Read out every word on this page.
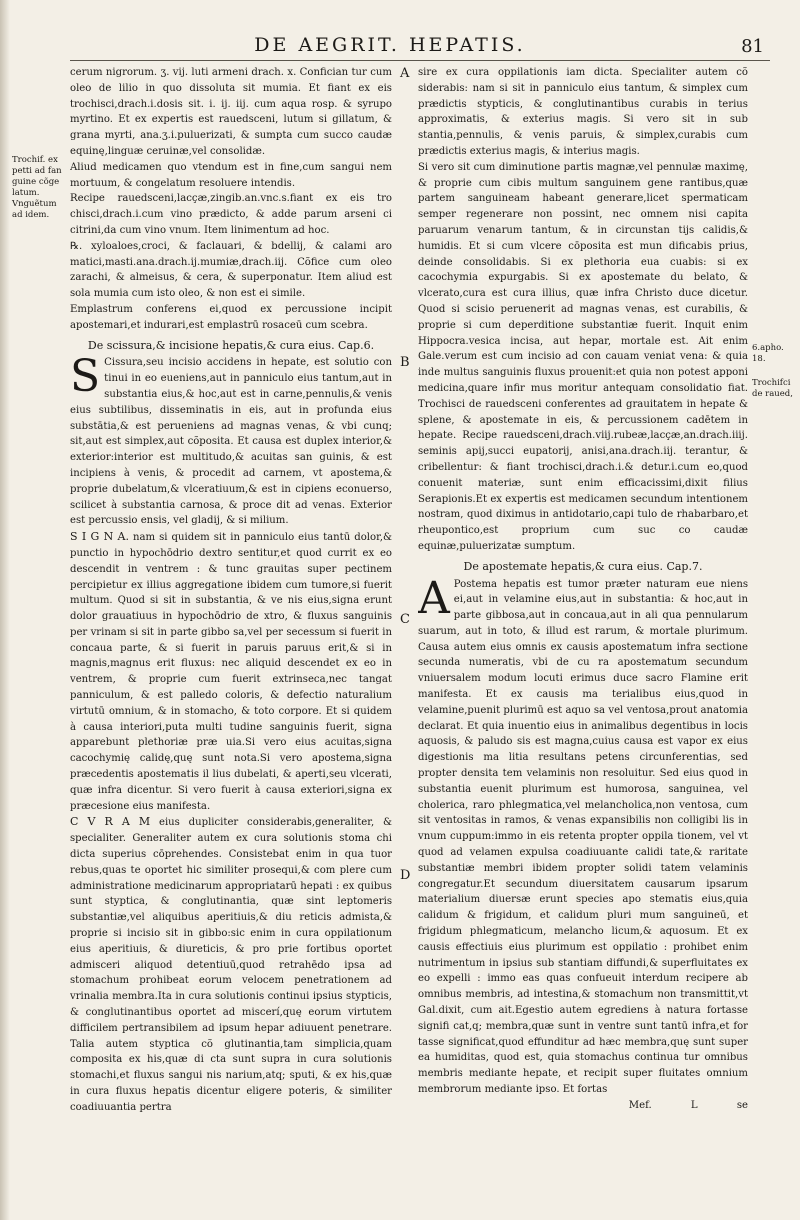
DE AEGRIT. HEPATIS.	81
Trochif. ex petti ad fan guine cõge latum. Vnguẽtum ad idem.
A
B
C
D
6.apho. 18.
Trochifci de raued,

cerum nigrorum. ʒ. vij. luti armeni drach. x. Confician tur cum oleo de lilio in quo dissoluta sit mumia. Et fiant ex eis trochisci,drach.i.dosis sit. i. ij. iij. cum aqua rosp. & syrupo myrtino. Et ex expertis est rauedsceni, lutum si gillatum, & grana myrti, ana.ʒ.i.puluerizati, & sumpta cum succo caudæ equinę,linguæ ceruinæ,vel consolidæ.

Aliud medicamen quo vtendum est in fine,cum sangui nem mortuum, & congelatum resoluere intendis.

Recipe rauedsceni,lacçæ,zingib.an.vnc.s.fiant ex eis tro chisci,drach.i.cum vino prædicto, & adde parum arseni ci citrini,da cum vino vnum. Item linimentum ad hoc.

℞. xyloaloes,croci, & faclauari, & bdellij, & calami aro matici,masti.ana.drach.ij.mumiæ,drach.iij. Cõfice cum oleo zarachi, & almeisus, & cera, & superponatur. Item aliud est sola mumia cum isto oleo, & non est ei simile.

Emplastrum conferens ei,quod ex percussione incipit apostemari,et indurari,est emplastrū rosaceū cum scebra.

De scissura,& incisione hepatis,& cura eius. Cap.6.

S Cissura,seu incisio accidens in hepate, est solutio con tinui in eo eueniens,aut in panniculo eius tantum,aut in substantia eius,& hoc,aut est in carne,pennulis,& venis eius subtilibus, disseminatis in eis, aut in profunda eius substātia,& est perueniens ad magnas venas, & vbi cunq; sit,aut est simplex,aut cõposita. Et causa est duplex interior,& exterior:interior est multitudo,& acuitas san guinis, & est incipiens à venis, & procedit ad carnem, vt apostema,& proprie dubelatum,& vlceratiuum,& est in cipiens econuerso, scilicet à substantia carnosa, & proce dit ad venas. Exterior est percussio ensis, vel gladij, & si milium.

S I G N A. nam si quidem sit in panniculo eius tantū dolor,& punctio in hypochōdrio dextro sentitur,et quod currit ex eo descendit in ventrem : & tunc grauitas super pectinem percipietur ex illius aggregatione ibidem cum tumore,si fuerit multum. Quod si sit in substantia, & ve nis eius,signa erunt dolor grauatiuus in hypochōdrio de xtro, & fluxus sanguinis per vrinam si sit in parte gibbo sa,vel per secessum si fuerit in concaua parte, & si fuerit in paruis paruus erit,& si in magnis,magnus erit fluxus: nec aliquid descendet ex eo in ventrem, & proprie cum fuerit extrinseca,nec tangat panniculum, & est palledo coloris, & defectio naturalium virtutū omnium, & in stomacho, & toto corpore. Et si quidem à causa interiori,puta multi tudine sanguinis fuerit, signa apparebunt plethoriæ præ uia.Si vero eius acuitas,signa cacochymię calidę,quę sunt nota.Si vero apostema,signa præcedentis apostematis il lius dubelati, & aperti,seu vlcerati, quæ infra dicentur. Si vero fuerit à causa exteriori,signa ex præcesione eius manifesta.

C V R A M eius dupliciter considerabis,generaliter, & specialiter. Generaliter autem ex cura solutionis stoma chi dicta superius cōprehendes. Consistebat enim in qua tuor rebus,quas te oportet hic similiter prosequi,& com plere cum administratione medicinarum appropriatarū hepati : ex quibus sunt styptica, & conglutinantia, quæ sint leptomeris substantiæ,vel aliquibus aperitiuis,& diu reticis admista,& proprie si incisio sit in gibbo:sic enim in cura oppilationum eius aperitiuis, & diureticis, & pro prie fortibus oportet admisceri aliquod detentiuū,quod retrahēdo ipsa ad stomachum prohibeat eorum velocem penetrationem ad vrinalia membra.Ita in cura solutionis continui ipsius stypticis, & conglutinantibus oportet ad miscerí,quę eorum virtutem difficilem pertransibilem ad ipsum hepar adiuuent penetrare. Talia autem styptica cõ glutinantia,tam simplicia,quam composita ex his,quæ di cta sunt supra in cura solutionis stomachi,et fluxus sangui nis narium,atq; sputi, & ex his,quæ in cura fluxus hepatis dicentur eligere poteris, & similiter coadiuuantia pertra

sire ex cura oppilationis iam dicta. Specialiter autem cõ siderabis: nam si sit in panniculo eius tantum, & simplex cum prædictis stypticis, & conglutinantibus curabis in terius approximatis, & exterius magis. Si vero sit in sub stantia,pennulis, & venis paruis, & simplex,curabis cum prædictis exterius magis, & interius magis.

Si vero sit cum diminutione partis magnæ,vel pennulæ maximę, & proprie cum cibis multum sanguinem gene rantibus,quæ partem sanguineam habeant generare,licet spermaticam semper regenerare non possint, nec omnem nisi capita paruarum venarum tantum, & in circunstan tijs calidis,& humidis. Et si cum vlcere cōposita est mun dificabis prius, deinde consolidabis. Si ex plethoria eua cuabis: si ex cacochymia expurgabis. Si ex apostemate du belato, & vlcerato,cura est cura illius, quæ infra Christo duce dicetur. Quod si scisio peruenerit ad magnas venas, est curabilis, & proprie si cum deperditione substantiæ fuerit. Inquit enim Hippocra.vesica incisa, aut hepar, mortale est. Ait enim Gale.verum est cum incisio ad con cauam veniat vena: & quia inde multus sanguinis fluxus prouenit:et quia non potest apponi medicina,quare infir mus moritur antequam consolidatio fiat. Trochisci de rauedsceni conferentes ad grauitatem in hepate & splene, & apostemate in eis, & percussionem cadētem in hepate. Recipe rauedsceni,drach.viij.rubeæ,lacçæ,an.drach.iiij. seminis apij,succi eupatorij, anisi,ana.drach.iij. terantur, & cribellentur: & fiant trochisci,drach.i.& detur.i.cum eo,quod conuenit materiæ, sunt enim efficacissimi,dixit filius Serapionis.Et ex expertis est medicamen secundum intentionem nostram, quod diximus in antidotario,capi tulo de rhabarbaro,et rheupontico,est proprium cum suc co caudæ equinæ,puluerizatæ sumptum.

De apostemate hepatis,& cura eius. Cap.7.

A Postema hepatis est tumor præter naturam eue niens ei,aut in velamine eius,aut in substantia: & hoc,aut in parte gibbosa,aut in concaua,aut in ali qua pennularum suarum, aut in toto, & illud est rarum, & mortale plurimum. Causa autem eius omnis ex causis apostematum infra sectione secunda numeratis, vbi de cu ra apostematum secundum vniuersalem modum locuti erimus duce sacro Flamine erit manifesta. Et ex causis ma terialibus eius,quod in velamine,puenit plurimū est aquo sa vel ventosa,prout anatomia declarat. Et quia inuentio eius in animalibus degentibus in locis aquosis, & paludo sis est magna,cuius causa est vapor ex eius digestionis ma litia resultans petens circunferentias, sed propter densita tem velaminis non resoluitur. Sed eius quod in substantia euenit plurimum est humorosa, sanguinea, vel cholerica, raro phlegmatica,vel melancholica,non ventosa, cum sit ventositas in ramos, & venas expansibilis non colligibi lis in vnum cuppum:immo in eis retenta propter oppila tionem, vel vt quod ad velamen expulsa coadiuuante calidi tate,& raritate substantiæ membri ibidem propter solidi tatem velaminis congregatur.Et secundum diuersitatem causarum ipsarum materialium diuersæ erunt species apo stematis eius,quia calidum & frigidum, et calidum pluri mum sanguineū, et frigidum phlegmaticum, melancho licum,& aquosum. Et ex causis effectiuis eius plurimum est oppilatio : prohibet enim nutrimentum in ipsius sub stantiam diffundi,& superfluitates ex eo expelli : immo eas quas confueuit interdum recipere ab omnibus membris, ad intestina,& stomachum non transmittit,vt Gal.dixit, cum ait.Egestio autem egrediens à natura fortasse signifi cat,q; membra,quæ sunt in ventre sunt tantū infra,et for tasse significat,quod effunditur ad hæc membra,quę sunt super ea humiditas, quod est, quia stomachus continua tur omnibus membris mediante hepate, et recipit super fluitates omnium membrorum mediante ipso. Et fortas

Mef.	L	se
